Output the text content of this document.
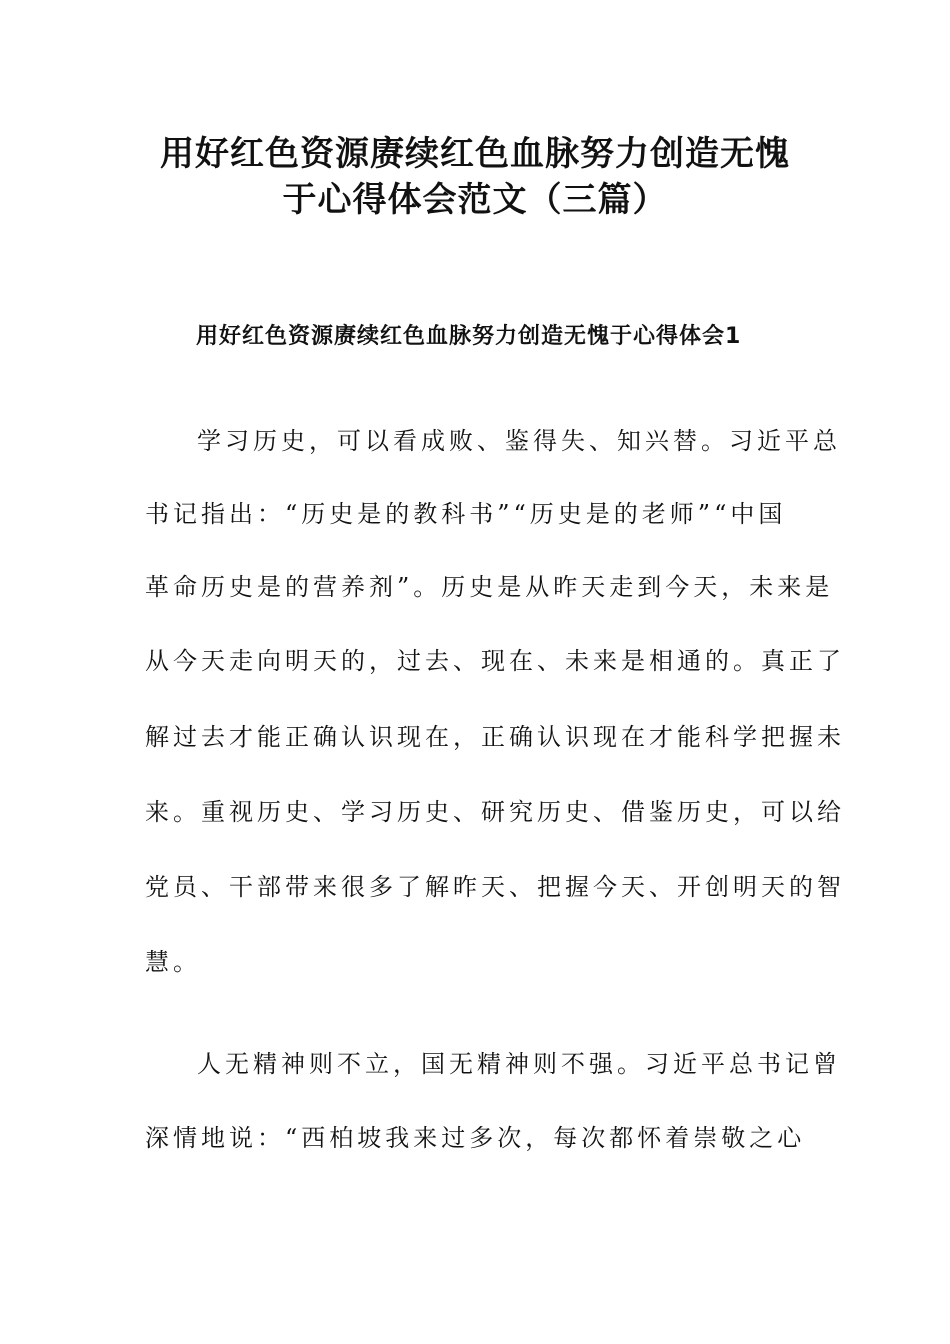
用好红色资源赓续红色血脉努力创造无愧
于心得体会范文（三篇）
用好红色资源赓续红色血脉努力创造无愧于心得体会1

学习历史，可以看成败、鉴得失、知兴替。习近平总

书记指出：“历史是的教科书”“历史是的老师”“中国

革命历史是的营养剂”。历史是从昨天走到今天，未来是

从今天走向明天的，过去、现在、未来是相通的。真正了

解过去才能正确认识现在，正确认识现在才能科学把握未

来。重视历史、学习历史、研究历史、借鉴历史，可以给

党员、干部带来很多了解昨天、把握今天、开创明天的智

慧。

人无精神则不立，国无精神则不强。习近平总书记曾

深情地说：“西柏坡我来过多次，每次都怀着崇敬之心
